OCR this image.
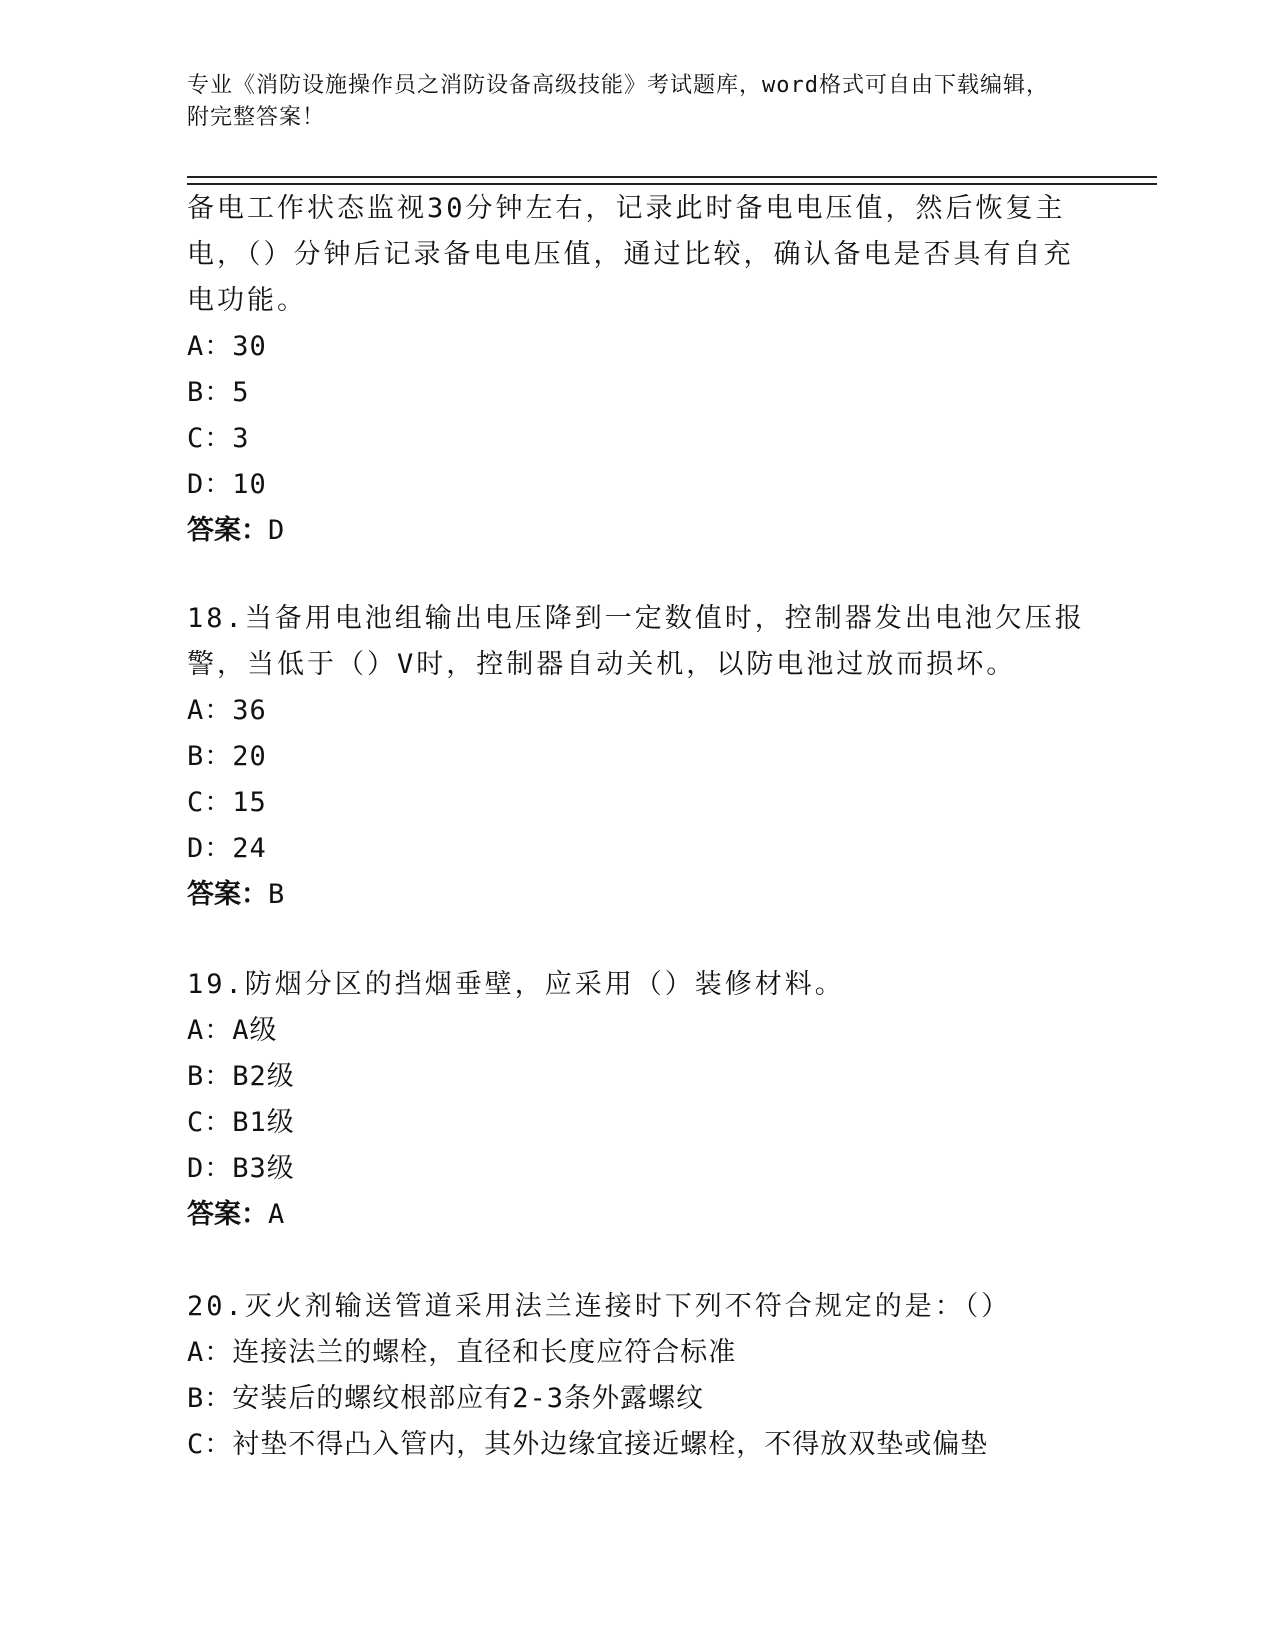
专业《消防设施操作员之消防设备高级技能》考试题库，word格式可自由下载编辑，附完整答案！

备电工作状态监视30分钟左右，记录此时备电电压值，然后恢复主电，（）分钟后记录备电电压值，通过比较，确认备电是否具有自充电功能。

A：30

B：5

C：3

D：10

答案：D

18.当备用电池组输出电压降到一定数值时，控制器发出电池欠压报警，当低于（）V时，控制器自动关机，以防电池过放而损坏。

A：36

B：20

C：15

D：24

答案：B

19.防烟分区的挡烟垂壁，应采用（）装修材料。

A：A级

B：B2级

C：B1级

D：B3级

答案：A

20.灭火剂输送管道采用法兰连接时下列不符合规定的是：（）

A：连接法兰的螺栓，直径和长度应符合标准

B：安装后的螺纹根部应有2-3条外露螺纹

C：衬垫不得凸入管内，其外边缘宜接近螺栓，不得放双垫或偏垫
